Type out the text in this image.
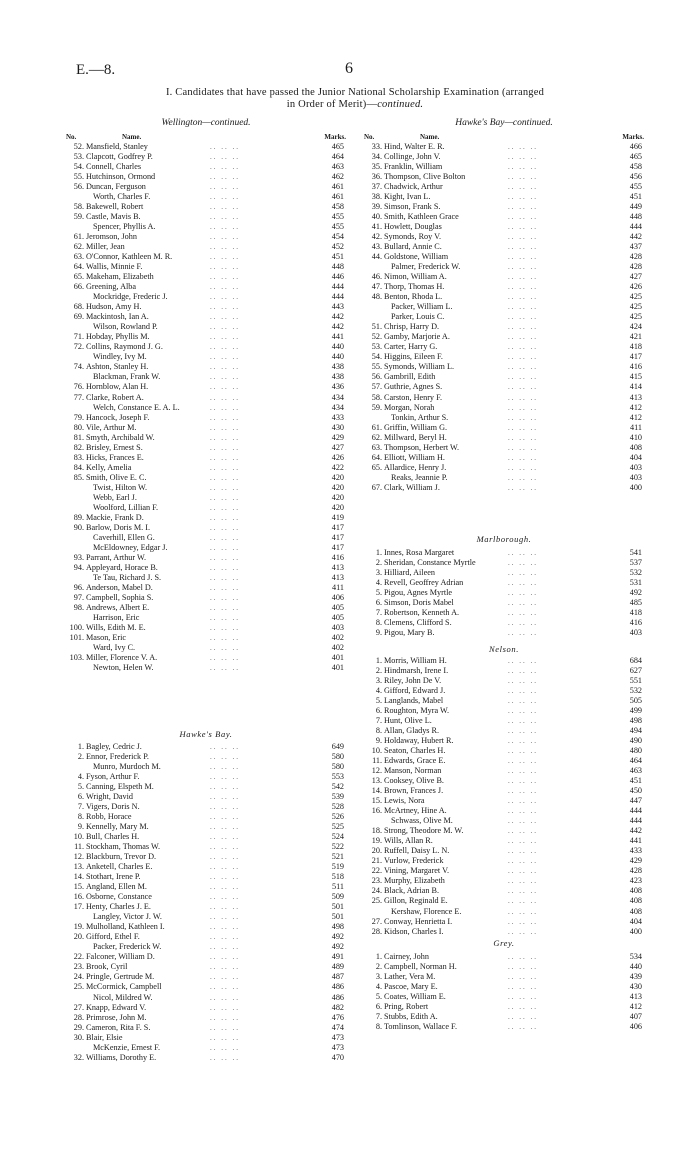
E.—8.	6
I. Candidates that have passed the Junior National Scholarship Examination (arranged
in Order of Merit)—continued.
Wellington—continued.
No.	Name.	Marks.
52. Mansfield, Stanley	.. .. ..	465
53. Clapcott, Godfrey P.	.. .. ..	464
54. Connell, Charles	.. .. ..	463
55. Hutchinson, Ormond	.. .. ..	462
56. Duncan, Ferguson	.. .. ..	461
Worth, Charles F.	.. .. ..	461
58. Bakewell, Robert	.. .. ..	458
59. Castle, Mavis B.	.. .. ..	455
Spencer, Phyllis A.	.. .. ..	455
61. Jeromson, John	.. .. ..	454
62. Miller, Jean	.. .. ..	452
63. O'Connor, Kathleen M. R.	.. .. ..	451
64. Wallis, Minnie F.	.. .. ..	448
65. Makeham, Elizabeth	.. .. ..	446
66. Greening, Alba	.. .. ..	444
Mockridge, Frederic J.	.. .. ..	444
68. Hudson, Amy H.	.. .. ..	443
69. Mackintosh, Ian A.	.. .. ..	442
Wilson, Rowland P.	.. .. ..	442
71. Hobday, Phyllis M.	.. .. ..	441
72. Collins, Raymond J. G.	.. .. ..	440
Windley, Ivy M.	.. .. ..	440
74. Ashton, Stanley H.	.. .. ..	438
Blackman, Frank W.	.. .. ..	438
76. Hornblow, Alan H.	.. .. ..	436
77. Clarke, Robert A.	.. .. ..	434
Welch, Constance E. A. L.	.. .. ..	434
79. Hancock, Joseph F.	.. .. ..	433
80. Vile, Arthur M.	.. .. ..	430
81. Smyth, Archibald W.	.. .. ..	429
82. Brisley, Ernest S.	.. .. ..	427
83. Hicks, Frances E.	.. .. ..	426
84. Kelly, Amelia	.. .. ..	422
85. Smith, Olive E. C.	.. .. ..	420
Twist, Hilton W.	.. .. ..	420
Webb, Earl J.	.. .. ..	420
Woolford, Lillian F.	.. .. ..	420
89. Mackie, Frank D.	.. .. ..	419
90. Barlow, Doris M. I.	.. .. ..	417
Caverhill, Ellen G.	.. .. ..	417
McEldowney, Edgar J.	.. .. ..	417
93. Parrant, Arthur W.	.. .. ..	416
94. Appleyard, Horace B.	.. .. ..	413
Te Tau, Richard J. S.	.. .. ..	413
96. Anderson, Mabel D.	.. .. ..	411
97. Campbell, Sophia S.	.. .. ..	406
98. Andrews, Albert E.	.. .. ..	405
Harrison, Eric	.. .. ..	405
100. Wills, Edith M. E.	.. .. ..	403
101. Mason, Eric	.. .. ..	402
Ward, Ivy C.	.. .. ..	402
103. Miller, Florence V. A.	.. .. ..	401
Newton, Helen W.	.. .. ..	401
Hawke's Bay.
1. Bagley, Cedric J.	.. .. ..	649
2. Ennor, Frederick P.	.. .. ..	580
Munro, Murdoch M.	.. .. ..	580
4. Fyson, Arthur F.	.. .. ..	553
5. Canning, Elspeth M.	.. .. ..	542
6. Wright, David	.. .. ..	539
7. Vigers, Doris N.	.. .. ..	528
8. Robb, Horace	.. .. ..	526
9. Kennelly, Mary M.	.. .. ..	525
10. Bull, Charles H.	.. .. ..	524
11. Stockham, Thomas W.	.. .. ..	522
12. Blackburn, Trevor D.	.. .. ..	521
13. Anketell, Charles E.	.. .. ..	519
14. Stothart, Irene P.	.. .. ..	518
15. Angland, Ellen M.	.. .. ..	511
16. Osborne, Constance	.. .. ..	509
17. Henty, Charles J. E.	.. .. ..	501
Langley, Victor J. W.	.. .. ..	501
19. Mulholland, Kathleen I.	.. .. ..	498
20. Gifford, Ethel F.	.. .. ..	492
Packer, Frederick W.	.. .. ..	492
22. Falconer, William D.	.. .. ..	491
23. Brook, Cyril	.. .. ..	489
24. Pringle, Gertrude M.	.. .. ..	487
25. McCormick, Campbell	.. .. ..	486
Nicol, Mildred W.	.. .. ..	486
27. Knapp, Edward V.	.. .. ..	482
28. Primrose, John M.	.. .. ..	476
29. Cameron, Rita F. S.	.. .. ..	474
30. Blair, Elsie	.. .. ..	473
McKenzie, Ernest F.	.. .. ..	473
32. Williams, Dorothy E.	.. .. ..	470
Hawke's Bay—continued.
No.	Name.	Marks.
33. Hind, Walter E. R.	.. .. ..	466
34. Collinge, John V.	.. .. ..	465
35. Franklin, William	.. .. ..	458
36. Thompson, Clive Bolton	.. .. ..	456
37. Chadwick, Arthur	.. .. ..	455
38. Kight, Ivan L.	.. .. ..	451
39. Simson, Frank S.	.. .. ..	449
40. Smith, Kathleen Grace	.. .. ..	448
41. Howlett, Douglas	.. .. ..	444
42. Symonds, Roy V.	.. .. ..	442
43. Bullard, Annie C.	.. .. ..	437
44. Goldstone, William	.. .. ..	428
Palmer, Frederick W.	.. .. ..	428
46. Nimon, William A.	.. .. ..	427
47. Thorp, Thomas H.	.. .. ..	426
48. Benton, Rhoda L.	.. .. ..	425
Packer, William L.	.. .. ..	425
Parker, Louis C.	.. .. ..	425
51. Chrisp, Harry D.	.. .. ..	424
52. Gamby, Marjorie A.	.. .. ..	421
53. Carter, Harry G.	.. .. ..	418
54. Higgins, Eileen F.	.. .. ..	417
55. Symonds, William L.	.. .. ..	416
56. Gambrill, Edith	.. .. ..	415
57. Guthrie, Agnes S.	.. .. ..	414
58. Carston, Henry F.	.. .. ..	413
59. Morgan, Norah	.. .. ..	412
Tonkin, Arthur S.	.. .. ..	412
61. Griffin, William G.	.. .. ..	411
62. Millward, Beryl H.	.. .. ..	410
63. Thompson, Herbert W.	.. .. ..	408
64. Elliott, William H.	.. .. ..	404
65. Allardice, Henry J.	.. .. ..	403
Reaks, Jeannie P.	.. .. ..	403
67. Clark, William J.	.. .. ..	400
Marlborough.
1. Innes, Rosa Margaret	.. .. ..	541
2. Sheridan, Constance Myrtle	.. .. ..	537
3. Hilliard, Aileen	.. .. ..	532
4. Revell, Geoffrey Adrian	.. .. ..	531
5. Pigou, Agnes Myrtle	.. .. ..	492
6. Simson, Doris Mabel	.. .. ..	485
7. Robertson, Kenneth A.	.. .. ..	418
8. Clemens, Clifford S.	.. .. ..	416
9. Pigou, Mary B.	.. .. ..	403
Nelson.
1. Morris, William H.	.. .. ..	684
2. Hindmarsh, Irene I.	.. .. ..	627
3. Riley, John De V.	.. .. ..	551
4. Gifford, Edward J.	.. .. ..	532
5. Langlands, Mabel	.. .. ..	505
6. Roughton, Myra W.	.. .. ..	499
7. Hunt, Olive L.	.. .. ..	498
8. Allan, Gladys R.	.. .. ..	494
9. Holdaway, Hubert R.	.. .. ..	490
10. Seaton, Charles H.	.. .. ..	480
11. Edwards, Grace E.	.. .. ..	464
12. Manson, Norman	.. .. ..	463
13. Cooksey, Olive B.	.. .. ..	451
14. Brown, Frances J.	.. .. ..	450
15. Lewis, Nora	.. .. ..	447
16. McArtney, Hine A.	.. .. ..	444
Schwass, Olive M.	.. .. ..	444
18. Strong, Theodore M. W.	.. .. ..	442
19. Wills, Allan R.	.. .. ..	441
20. Ruffell, Daisy L. N.	.. .. ..	433
21. Vurlow, Frederick	.. .. ..	429
22. Vining, Margaret V.	.. .. ..	428
23. Murphy, Elizabeth	.. .. ..	423
24. Black, Adrian B.	.. .. ..	408
25. Gillon, Reginald E.	.. .. ..	408
Kershaw, Florence E.	.. .. ..	408
27. Conway, Henrietta I.	.. .. ..	404
28. Kidson, Charles I.	.. .. ..	400
Grey.
1. Cairney, John	.. .. ..	534
2. Campbell, Norman H.	.. .. ..	440
3. Lather, Vera M.	.. .. ..	439
4. Pascoe, Mary E.	.. .. ..	430
5. Coates, William E.	.. .. ..	413
6. Pring, Robert	.. .. ..	412
7. Stubbs, Edith A.	.. .. ..	407
8. Tomlinson, Wallace F.	.. .. ..	406
